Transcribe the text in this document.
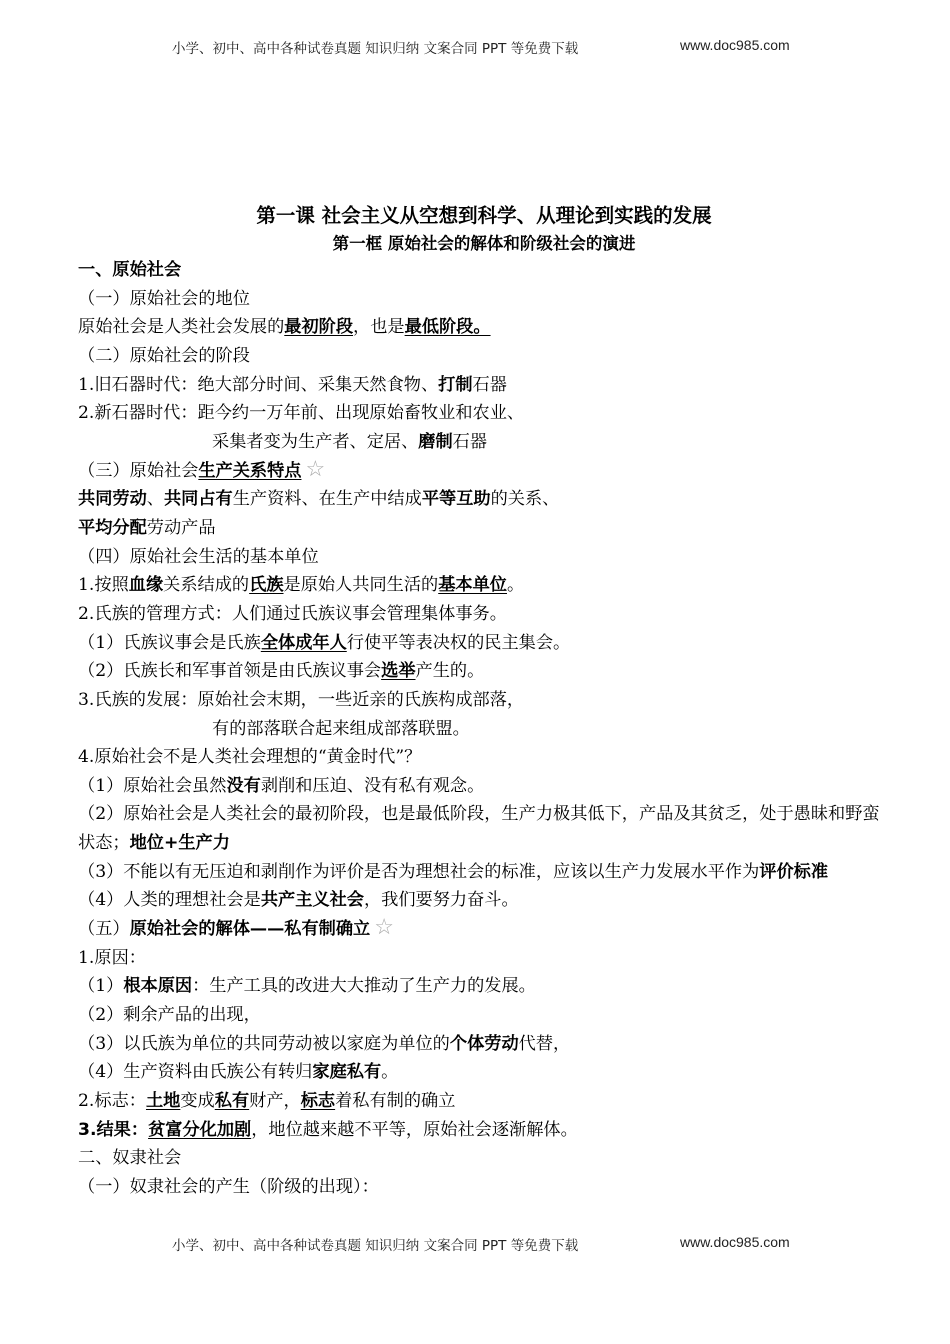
小学、初中、高中各种试卷真题 知识归纳 文案合同 PPT 等免费下载	www.doc985.com
第一课 社会主义从空想到科学、从理论到实践的发展
第一框 原始社会的解体和阶级社会的演进
一、原始社会
（一）原始社会的地位
原始社会是人类社会发展的最初阶段，也是最低阶段。
（二）原始社会的阶段
1.旧石器时代：绝大部分时间、采集天然食物、打制石器
2.新石器时代：距今约一万年前、出现原始畜牧业和农业、
采集者变为生产者、定居、磨制石器
（三）原始社会生产关系特点 ☆
共同劳动、共同占有生产资料、在生产中结成平等互助的关系、
平均分配劳动产品
（四）原始社会生活的基本单位
1.按照血缘关系结成的氏族是原始人共同生活的基本单位。
2.氏族的管理方式：人们通过氏族议事会管理集体事务。
（1）氏族议事会是氏族全体成年人行使平等表决权的民主集会。
（2）氏族长和军事首领是由氏族议事会选举产生的。
3.氏族的发展：原始社会末期，一些近亲的氏族构成部落，
有的部落联合起来组成部落联盟。
4.原始社会不是人类社会理想的“黄金时代”？
（1）原始社会虽然没有剥削和压迫、没有私有观念。
（2）原始社会是人类社会的最初阶段，也是最低阶段，生产力极其低下，产品及其贫乏，处于愚昧和野蛮状态；地位+生产力
（3）不能以有无压迫和剥削作为评价是否为理想社会的标准，应该以生产力发展水平作为评价标准
（4）人类的理想社会是共产主义社会，我们要努力奋斗。
（五）原始社会的解体——私有制确立 ☆
1.原因：
（1）根本原因：生产工具的改进大大推动了生产力的发展。
（2）剩余产品的出现，
（3）以氏族为单位的共同劳动被以家庭为单位的个体劳动代替，
（4）生产资料由氏族公有转归家庭私有。
2.标志：土地变成私有财产，标志着私有制的确立
3.结果：贫富分化加剧，地位越来越不平等，原始社会逐渐解体。
二、奴隶社会
（一）奴隶社会的产生（阶级的出现）：
小学、初中、高中各种试卷真题 知识归纳 文案合同 PPT 等免费下载	www.doc985.com
